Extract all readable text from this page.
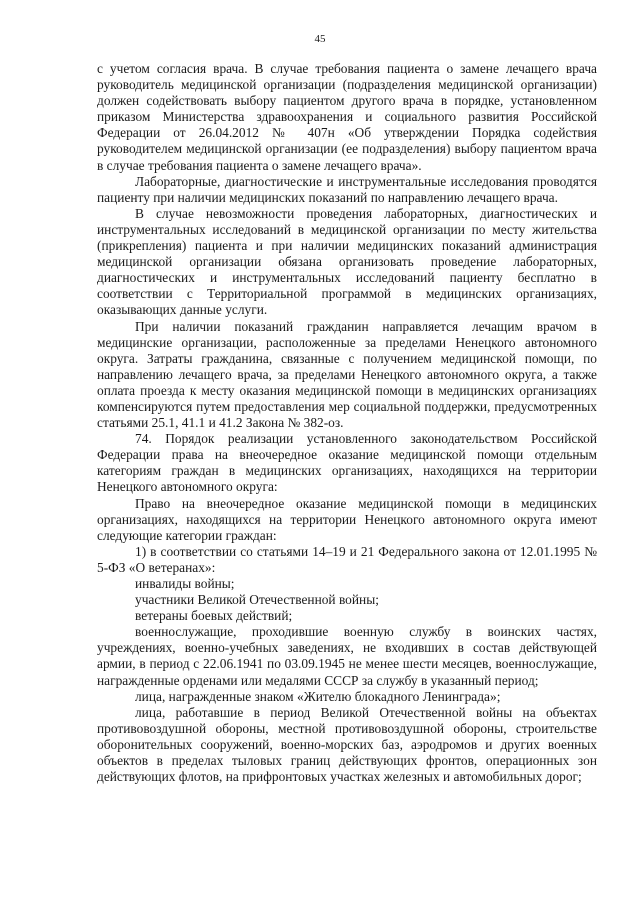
45

с учетом согласия врача. В случае требования пациента о замене лечащего врача руководитель медицинской организации (подразделения медицинской организации) должен содействовать выбору пациентом другого врача в порядке, установленном приказом Министерства здравоохранения и социального развития Российской Федерации от 26.04.2012 № 407н «Об утверждении Порядка содействия руководителем медицинской организации (ее подразделения) выбору пациентом врача в случае требования пациента о замене лечащего врача».

Лабораторные, диагностические и инструментальные исследования проводятся пациенту при наличии медицинских показаний по направлению лечащего врача.

В случае невозможности проведения лабораторных, диагностических и инструментальных исследований в медицинской организации по месту жительства (прикрепления) пациента и при наличии медицинских показаний администрация медицинской организации обязана организовать проведение лабораторных, диагностических и инструментальных исследований пациенту бесплатно в соответствии с Территориальной программой в медицинских организациях, оказывающих данные услуги.

При наличии показаний гражданин направляется лечащим врачом в медицинские организации, расположенные за пределами Ненецкого автономного округа. Затраты гражданина, связанные с получением медицинской помощи, по направлению лечащего врача, за пределами Ненецкого автономного округа, а также оплата проезда к месту оказания медицинской помощи в медицинских организациях компенсируются путем предоставления мер социальной поддержки, предусмотренных статьями 25.1, 41.1 и 41.2 Закона № 382-оз.

74. Порядок реализации установленного законодательством Российской Федерации права на внеочередное оказание медицинской помощи отдельным категориям граждан в медицинских организациях, находящихся на территории Ненецкого автономного округа:

Право на внеочередное оказание медицинской помощи в медицинских организациях, находящихся на территории Ненецкого автономного округа имеют следующие категории граждан:

1) в соответствии со статьями 14–19 и 21 Федерального закона от 12.01.1995 № 5-ФЗ «О ветеранах»:

инвалиды войны;

участники Великой Отечественной войны;

ветераны боевых действий;

военнослужащие, проходившие военную службу в воинских частях, учреждениях, военно-учебных заведениях, не входивших в состав действующей армии, в период с 22.06.1941 по 03.09.1945 не менее шести месяцев, военнослужащие, награжденные орденами или медалями СССР за службу в указанный период;

лица, награжденные знаком «Жителю блокадного Ленинграда»;

лица, работавшие в период Великой Отечественной войны на объектах противовоздушной обороны, местной противовоздушной обороны, строительстве оборонительных сооружений, военно-морских баз, аэродромов и других военных объектов в пределах тыловых границ действующих фронтов, операционных зон действующих флотов, на прифронтовых участках железных и автомобильных дорог;
